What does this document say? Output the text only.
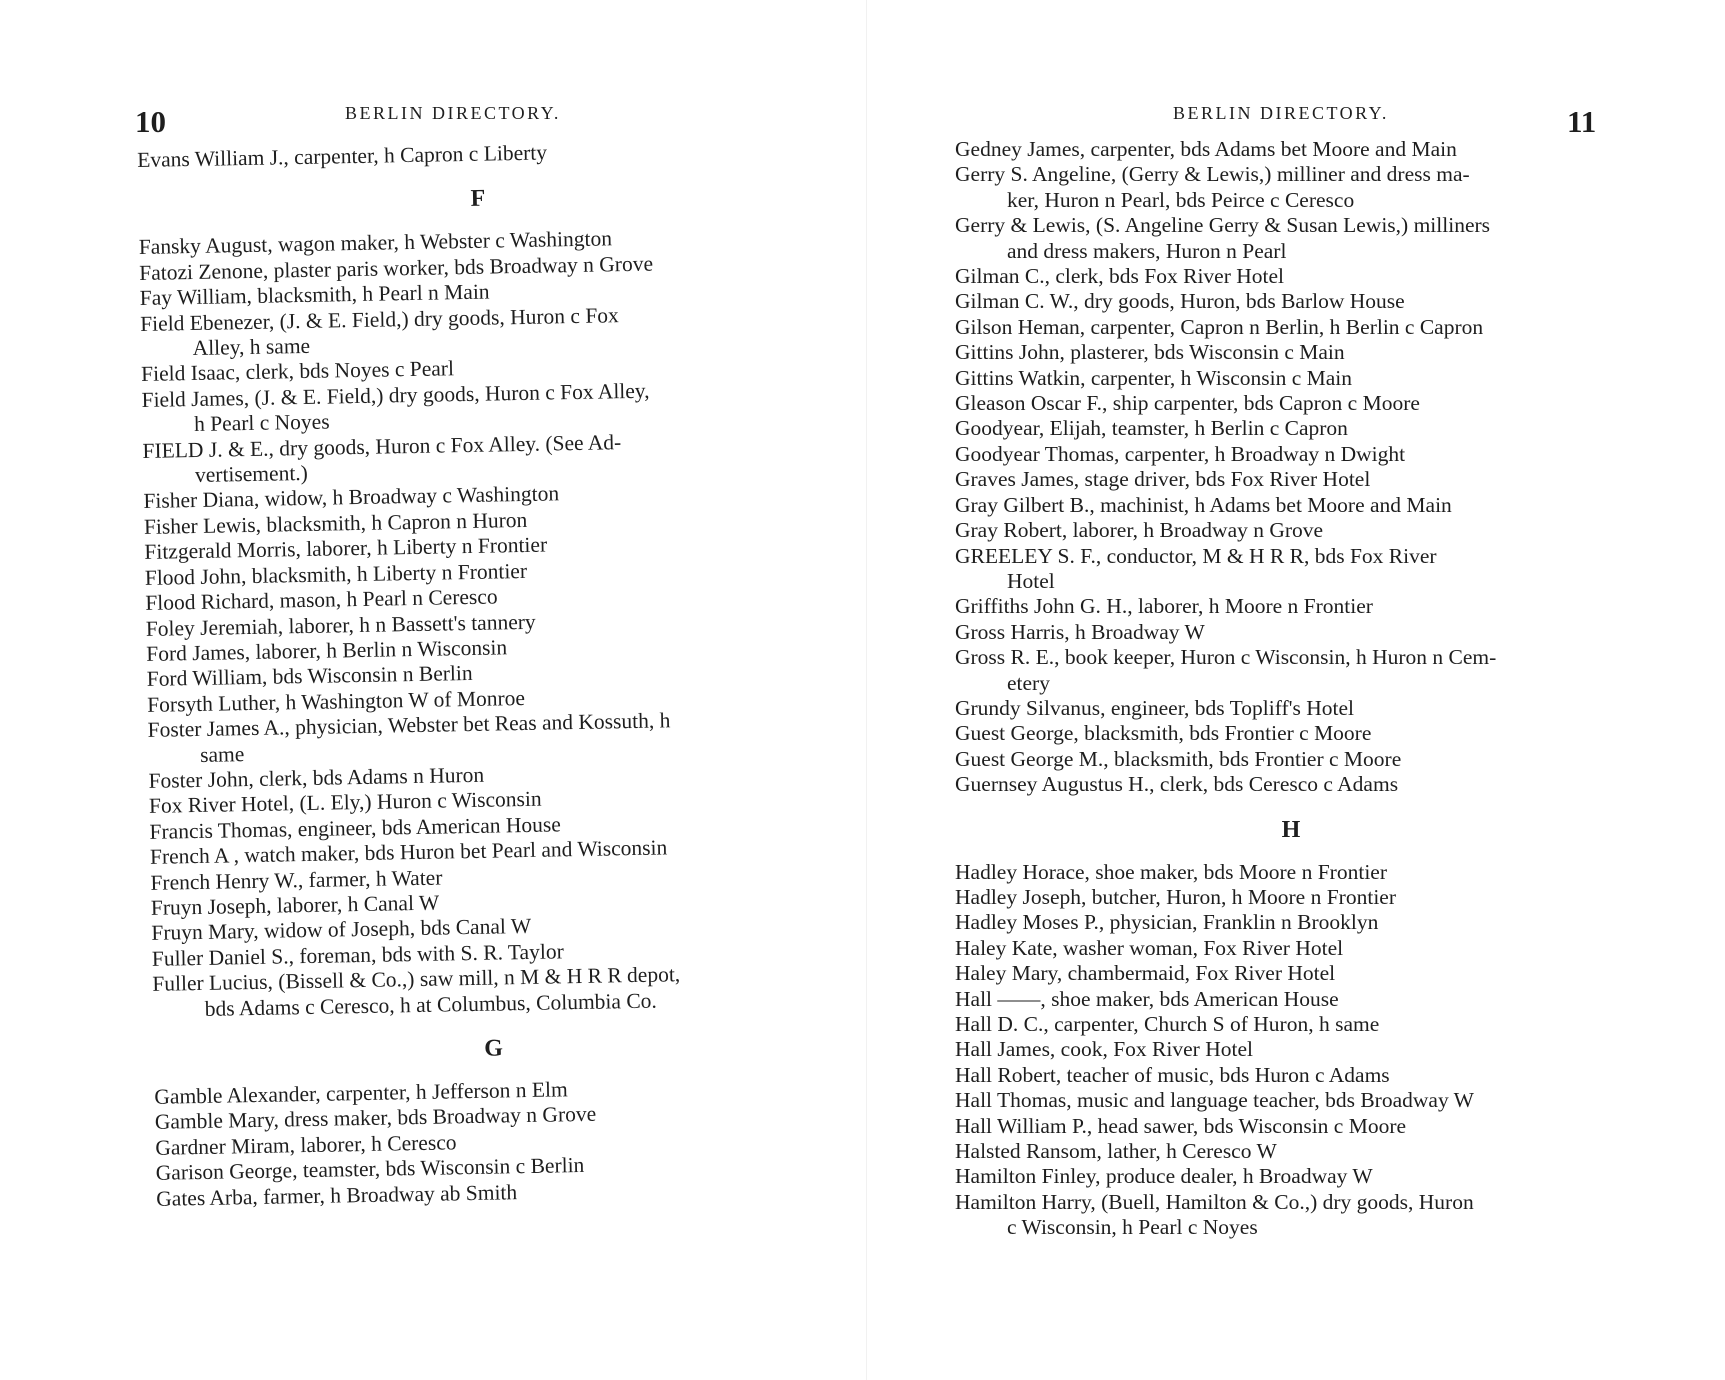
10	BERLIN DIRECTORY.
Evans William J., carpenter, h Capron c Liberty
F
Fansky August, wagon maker, h Webster c Washington
Fatozi Zenone, plaster paris worker, bds Broadway n Grove
Fay William, blacksmith, h Pearl n Main
Field Ebenezer, (J. & E. Field,) dry goods, Huron c Fox
Alley, h same
Field Isaac, clerk, bds Noyes c Pearl
Field James, (J. & E. Field,) dry goods, Huron c Fox Alley,
h Pearl c Noyes
FIELD J. & E., dry goods, Huron c Fox Alley. (See Ad-
vertisement.)
Fisher Diana, widow, h Broadway c Washington
Fisher Lewis, blacksmith, h Capron n Huron
Fitzgerald Morris, laborer, h Liberty n Frontier
Flood John, blacksmith, h Liberty n Frontier
Flood Richard, mason, h Pearl n Ceresco
Foley Jeremiah, laborer, h n Bassett's tannery
Ford James, laborer, h Berlin n Wisconsin
Ford William, bds Wisconsin n Berlin
Forsyth Luther, h Washington W of Monroe
Foster James A., physician, Webster bet Reas and Kossuth, h
same
Foster John, clerk, bds Adams n Huron
Fox River Hotel, (L. Ely,) Huron c Wisconsin
Francis Thomas, engineer, bds American House
French A , watch maker, bds Huron bet Pearl and Wisconsin
French Henry W., farmer, h Water
Fruyn Joseph, laborer, h Canal W
Fruyn Mary, widow of Joseph, bds Canal W
Fuller Daniel S., foreman, bds with S. R. Taylor
Fuller Lucius, (Bissell & Co.,) saw mill, n M & H R R depot,
bds Adams c Ceresco, h at Columbus, Columbia Co.
G
Gamble Alexander, carpenter, h Jefferson n Elm
Gamble Mary, dress maker, bds Broadway n Grove
Gardner Miram, laborer, h Ceresco
Garison George, teamster, bds Wisconsin c Berlin
Gates Arba, farmer, h Broadway ab Smith
11
BERLIN DIRECTORY.
Gedney James, carpenter, bds Adams bet Moore and Main
Gerry S. Angeline, (Gerry & Lewis,) milliner and dress ma-
ker, Huron n Pearl, bds Peirce c Ceresco
Gerry & Lewis, (S. Angeline Gerry & Susan Lewis,) milliners
and dress makers, Huron n Pearl
Gilman C., clerk, bds Fox River Hotel
Gilman C. W., dry goods, Huron, bds Barlow House
Gilson Heman, carpenter, Capron n Berlin, h Berlin c Capron
Gittins John, plasterer, bds Wisconsin c Main
Gittins Watkin, carpenter, h Wisconsin c Main
Gleason Oscar F., ship carpenter, bds Capron c Moore
Goodyear, Elijah, teamster, h Berlin c Capron
Goodyear Thomas, carpenter, h Broadway n Dwight
Graves James, stage driver, bds Fox River Hotel
Gray Gilbert B., machinist, h Adams bet Moore and Main
Gray Robert, laborer, h Broadway n Grove
GREELEY S. F., conductor, M & H R R, bds Fox River
Hotel
Griffiths John G. H., laborer, h Moore n Frontier
Gross Harris, h Broadway W
Gross R. E., book keeper, Huron c Wisconsin, h Huron n Cem-
etery
Grundy Silvanus, engineer, bds Topliff's Hotel
Guest George, blacksmith, bds Frontier c Moore
Guest George M., blacksmith, bds Frontier c Moore
Guernsey Augustus H., clerk, bds Ceresco c Adams
H
Hadley Horace, shoe maker, bds Moore n Frontier
Hadley Joseph, butcher, Huron, h Moore n Frontier
Hadley Moses P., physician, Franklin n Brooklyn
Haley Kate, washer woman, Fox River Hotel
Haley Mary, chambermaid, Fox River Hotel
Hall ——, shoe maker, bds American House
Hall D. C., carpenter, Church S of Huron, h same
Hall James, cook, Fox River Hotel
Hall Robert, teacher of music, bds Huron c Adams
Hall Thomas, music and language teacher, bds Broadway W
Hall William P., head sawer, bds Wisconsin c Moore
Halsted Ransom, lather, h Ceresco W
Hamilton Finley, produce dealer, h Broadway W
Hamilton Harry, (Buell, Hamilton & Co.,) dry goods, Huron
c Wisconsin, h Pearl c Noyes
